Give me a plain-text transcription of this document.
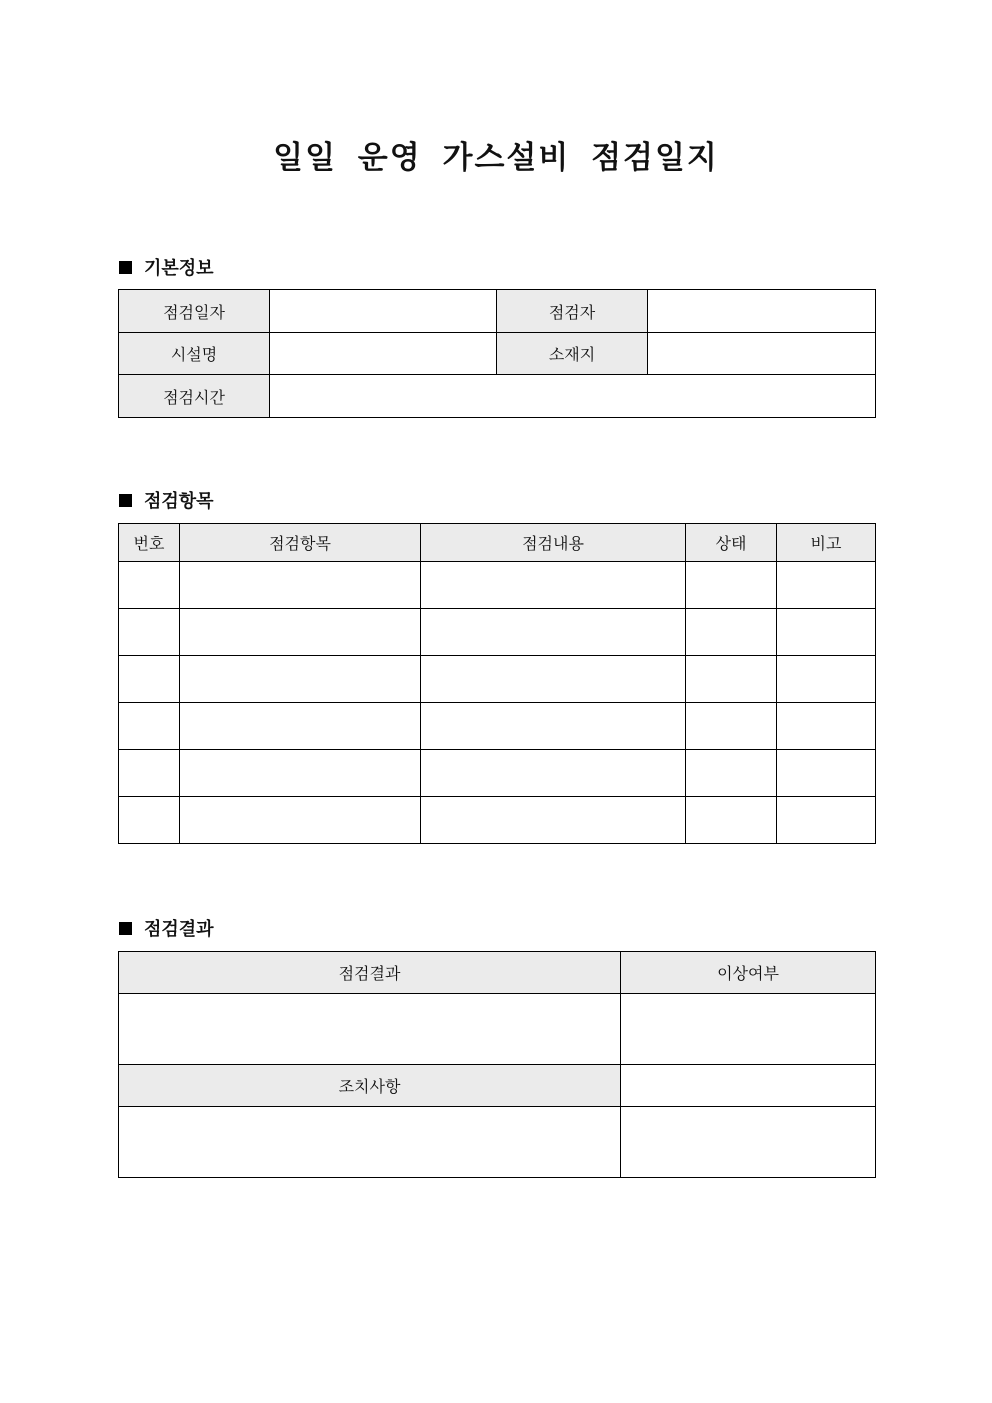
일일 운영 가스설비 점검일지
기본정보
점검일자		점검자	
시설명		소재지	
점검시간			
점검항목
번호	점검항목	점검내용	상태	비고

점검결과
점검결과	이상여부

조치사항	
